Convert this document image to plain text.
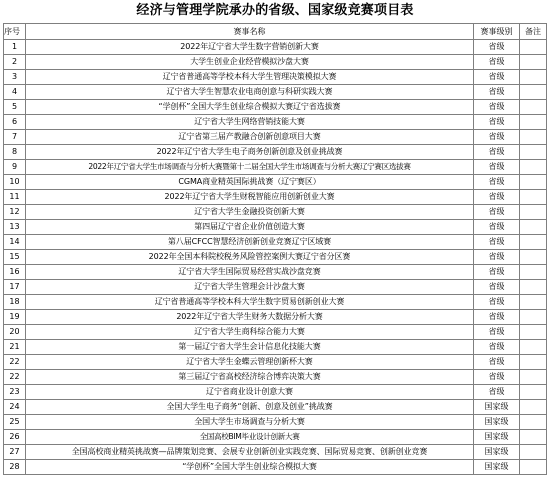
经济与管理学院承办的省级、国家级竞赛项目表
序号	赛事名称	赛事级别	备注
1	2022年辽宁省大学生数字营销创新大赛	省级	
2	大学生创业企业经营模拟沙盘大赛	省级	
3	辽宁省普通高等学校本科大学生管理决策模拟大赛	省级	
4	辽宁省大学生智慧农业电商创意与科研实践大赛	省级	
5	“学创杯”全国大学生创业综合模拟大赛辽宁省选拔赛	省级	
6	辽宁省大学生网络营销技能大赛	省级	
7	辽宁省第三届产教融合创新创意项目大赛	省级	
8	2022年辽宁省大学生电子商务创新创意及创业挑战赛	省级	
9	2022年辽宁省大学生市场调查与分析大赛暨第十二届全国大学生市场调查与分析大赛辽宁赛区选拔赛	省级	
10	CGMA商业精英国际挑战赛（辽宁赛区）	省级	
11	2022年辽宁省大学生财税智能应用创新创业大赛	省级	
12	辽宁省大学生金融投资创新大赛	省级	
13	第四届辽宁省企业价值创造大赛	省级	
14	第八届CFCC智慧经济创新创业竞赛辽宁区域赛	省级	
15	2022年全国本科院校税务风险管控案例大赛辽宁省分区赛	省级	
16	辽宁省大学生国际贸易经营实战沙盘竞赛	省级	
17	辽宁省大学生管理会计沙盘大赛	省级	
18	辽宁省普通高等学校本科大学生数字贸易创新创业大赛	省级	
19	2022年辽宁省大学生财务大数据分析大赛	省级	
20	辽宁省大学生商科综合能力大赛	省级	
21	第一届辽宁省大学生会计信息化技能大赛	省级	
22	辽宁省大学生金蝶云管理创新杯大赛	省级	
22	第三届辽宁省高校经济综合博弈决策大赛	省级	
23	辽宁省商业设计创意大赛	省级	
24	全国大学生电子商务“创新、创意及创业”挑战赛	国家级	
25	全国大学生市场调查与分析大赛	国家级	
26	全国高校BIM毕业设计创新大赛	国家级	
27	全国高校商业精英挑战赛—品牌策划竞赛、会展专业创新创业实践竞赛、国际贸易竞赛、创新创业竞赛	国家级	
28	“学创杯”全国大学生创业综合模拟大赛	国家级	
